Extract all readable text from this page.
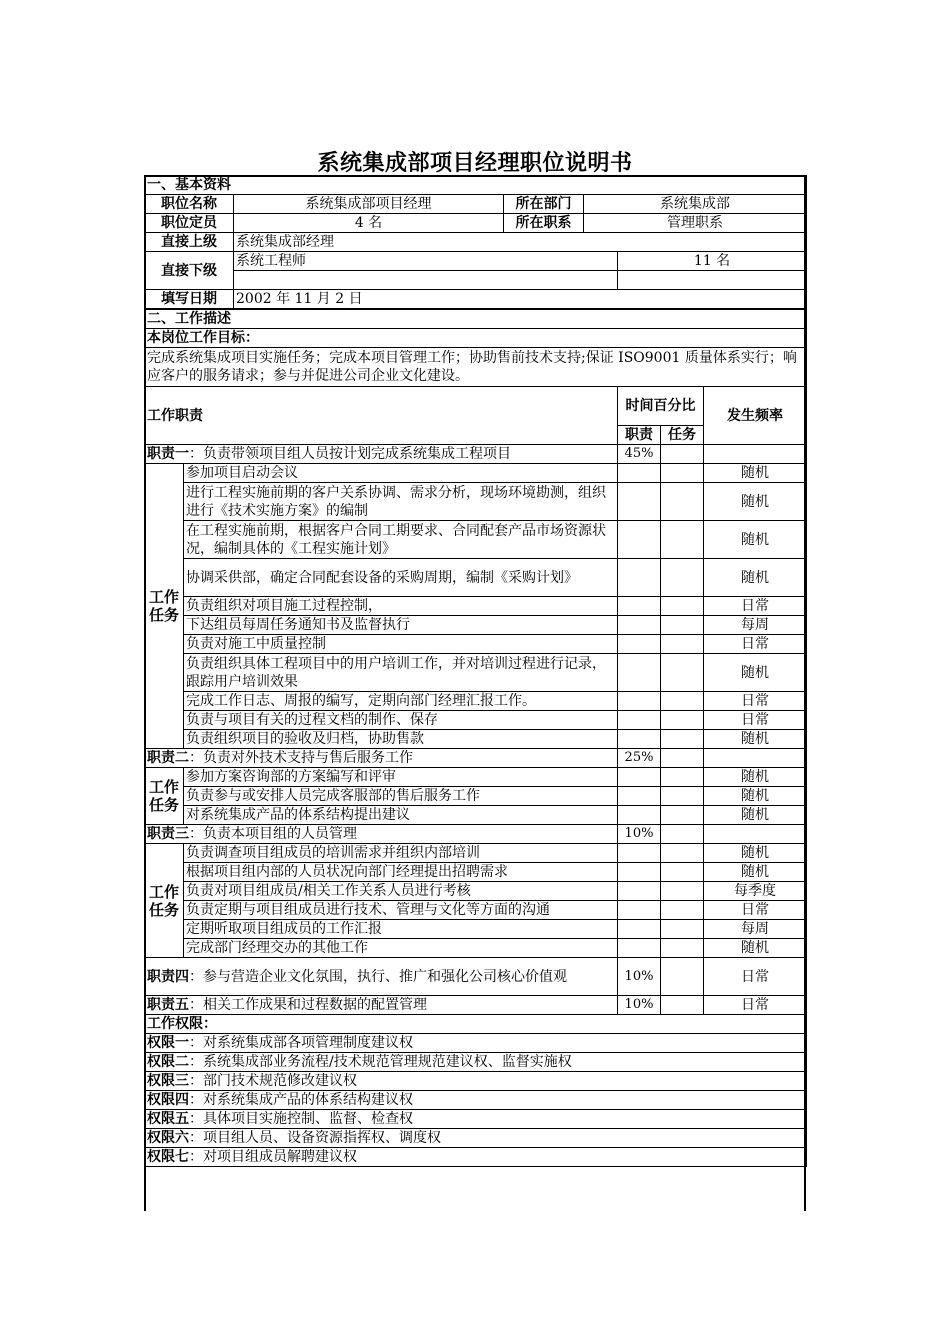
系统集成部项目经理职位说明书
一、基本资料							
职位名称		系统集成部项目经理	所在部门	系统集成部			
职位定员		4 名	所在职系	管理职系			
直接上级		系统集成部经理					
直接下级		系统工程师			11 名		

填写日期		2002 年 11 月 2 日					
二、工作描述							
本岗位工作目标：							
完成系统集成项目实施任务；完成本项目管理工作；协助售前技术支持;保证 ISO9001 质量体系实行；响应客户的服务请求；参与并促进公司企业文化建设。							
工作职责					时间百分比		发生频率
					职责	任务	
职责一：负责带领项目组人员按计划完成系统集成工程项目					45%		
工作任务	参加项目启动会议						随机
	进行工程实施前期的客户关系协调、需求分析，现场环境勘测，组织进行《技术实施方案》的编制						随机
	在工程实施前期，根据客户合同工期要求、合同配套产品市场资源状况，编制具体的《工程实施计划》						随机
	协调采供部，确定合同配套设备的采购周期，编制《采购计划》						随机
	负责组织对项目施工过程控制，						日常
	下达组员每周任务通知书及监督执行						每周
	负责对施工中质量控制						日常
	负责组织具体工程项目中的用户培训工作，并对培训过程进行记录，跟踪用户培训效果						随机
	完成工作日志、周报的编写，定期向部门经理汇报工作。						日常
	负责与项目有关的过程文档的制作、保存						日常
	负责组织项目的验收及归档，协助售款						随机
职责二：负责对外技术支持与售后服务工作					25%		
工作任务	参加方案咨询部的方案编写和评审						随机
	负责参与或安排人员完成客服部的售后服务工作						随机
	对系统集成产品的体系结构提出建议						随机
职责三：负责本项目组的人员管理					10%		
工作任务	负责调查项目组成员的培训需求并组织内部培训						随机
	根据项目组内部的人员状况向部门经理提出招聘需求						随机
	负责对项目组成员/相关工作关系人员进行考核						每季度
	负责定期与项目组成员进行技术、管理与文化等方面的沟通						日常
	定期听取项目组成员的工作汇报						每周
	完成部门经理交办的其他工作						随机
职责四：参与营造企业文化氛围，执行、推广和强化公司核心价值观					10%		日常
职责五：相关工作成果和过程数据的配置管理					10%		日常
工作权限：							
权限一：对系统集成部各项管理制度建议权							
权限二：系统集成部业务流程/技术规范管理规范建议权、监督实施权							
权限三：部门技术规范修改建议权							
权限四：对系统集成产品的体系结构建议权							
权限五：具体项目实施控制、监督、检查权							
权限六：项目组人员、设备资源指挥权、调度权							
权限七：对项目组成员解聘建议权							
